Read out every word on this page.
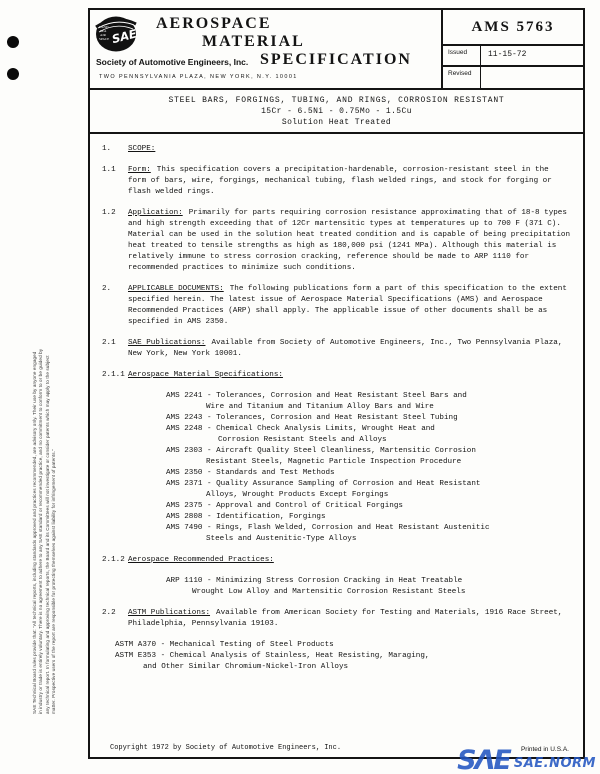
SAE Technical Board rules provide that: "All technical reports, including standards approved and practices recommended, are advisory only. Their use by anyone engaged in industry or trade is entirely voluntary. There is no agreement to adhere to any SAE standard or recommended practice, and no commitment to conform to or be guided by any technical report. In formulating and approving technical reports, the Board and its Committees will not investigate or consider patents which may apply to the subject matter. Prospective users of the report are responsible for protecting themselves against liability for infringement of patents."
LAND
SEA
AIR
SPACE SAE
AEROSPACE
MATERIAL
SPECIFICATION
Society of Automotive Engineers, Inc.
TWO PENNSYLVANIA PLAZA, NEW YORK, N.Y. 10001
AMS 5763
Issued	11-15-72
Revised
STEEL BARS, FORGINGS, TUBING, AND RINGS, CORROSION RESISTANT
15Cr - 6.5Ni - 0.75Mo - 1.5Cu
Solution Heat Treated
1. SCOPE:
1.1 Form: This specification covers a precipitation-hardenable, corrosion-resistant steel in the form of bars, wire, forgings, mechanical tubing, flash welded rings, and stock for forging or flash welded rings.
1.2 Application: Primarily for parts requiring corrosion resistance approximating that of 18-8 types and high strength exceeding that of 12Cr martensitic types at temperatures up to 700 F (371 C). Material can be used in the solution heat treated condition and is capable of being precipitation heat treated to tensile strengths as high as 180,000 psi (1241 MPa). Although this material is relatively immune to stress corrosion cracking, reference should be made to ARP 1110 for recommended practices to minimize such conditions.
2. APPLICABLE DOCUMENTS: The following publications form a part of this specification to the extent specified herein. The latest issue of Aerospace Material Specifications (AMS) and Aerospace Recommended Practices (ARP) shall apply. The applicable issue of other documents shall be as specified in AMS 2350.
2.1 SAE Publications: Available from Society of Automotive Engineers, Inc., Two Pennsylvania Plaza, New York, New York 10001.
2.1.1 Aerospace Material Specifications:
AMS 2241 - Tolerances, Corrosion and Heat Resistant Steel Bars and
Wire and Titanium and Titanium Alloy Bars and Wire
AMS 2243 - Tolerances, Corrosion and Heat Resistant Steel Tubing
AMS 2248 - Chemical Check Analysis Limits, Wrought Heat and
Corrosion Resistant Steels and Alloys
AMS 2303 - Aircraft Quality Steel Cleanliness, Martensitic Corrosion
Resistant Steels, Magnetic Particle Inspection Procedure
AMS 2350 - Standards and Test Methods
AMS 2371 - Quality Assurance Sampling of Corrosion and Heat Resistant
Alloys, Wrought Products Except Forgings
AMS 2375 - Approval and Control of Critical Forgings
AMS 2808 - Identification, Forgings
AMS 7490 - Rings, Flash Welded, Corrosion and Heat Resistant Austenitic
Steels and Austenitic-Type Alloys
2.1.2 Aerospace Recommended Practices:
ARP 1110 - Minimizing Stress Corrosion Cracking in Heat Treatable
Wrought Low Alloy and Martensitic Corrosion Resistant Steels
2.2 ASTM Publications: Available from American Society for Testing and Materials, 1916 Race Street, Philadelphia, Pennsylvania 19103.
ASTM A370 - Mechanical Testing of Steel Products
ASTM E353 - Chemical Analysis of Stainless, Heat Resisting, Maraging,
and Other Similar Chromium-Nickel-Iron Alloys
Copyright 1972 by Society of Automotive Engineers, Inc.	Printed in U.S.A.
SΛE SAE.NORM
